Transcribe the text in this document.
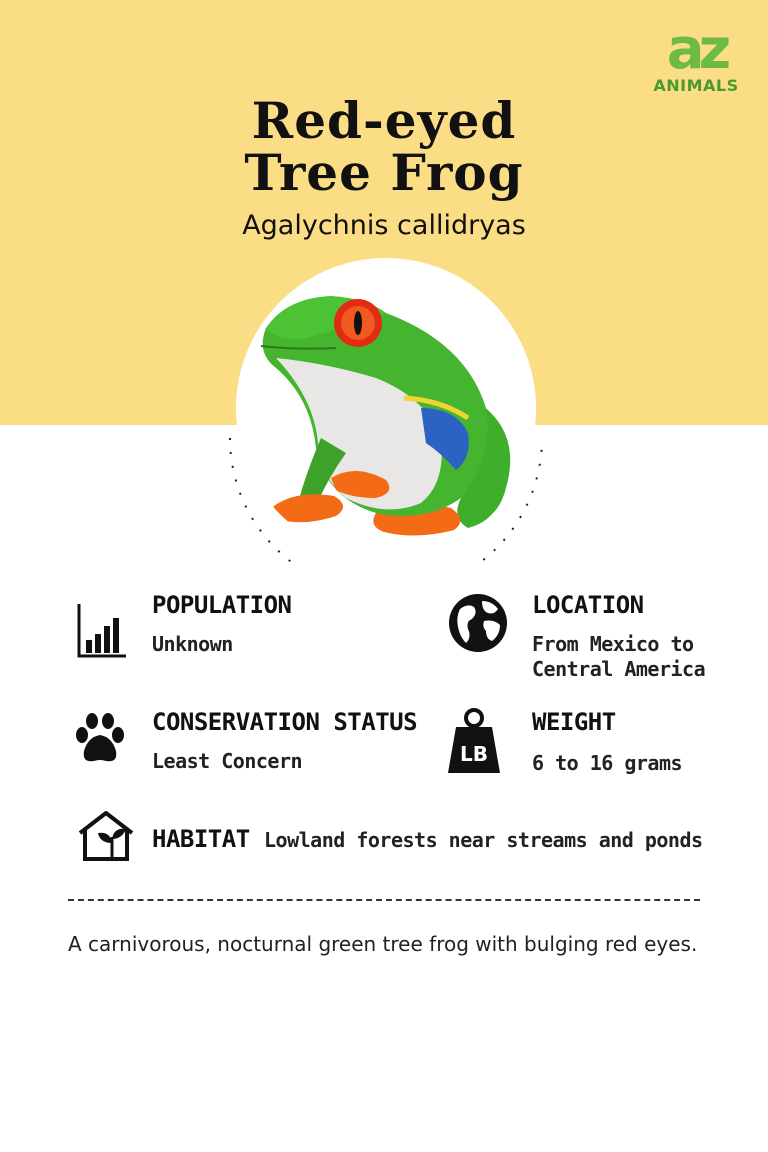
az
ANIMALS
Red-eyed
Tree Frog
Agalychnis callidryas
POPULATION
Unknown
LOCATION
From Mexico to
Central America
CONSERVATION STATUS
Least Concern	LB
WEIGHT
6 to 16 grams
HABITAT Lowland forests near streams and ponds
A carnivorous, nocturnal green tree frog with bulging red eyes.
